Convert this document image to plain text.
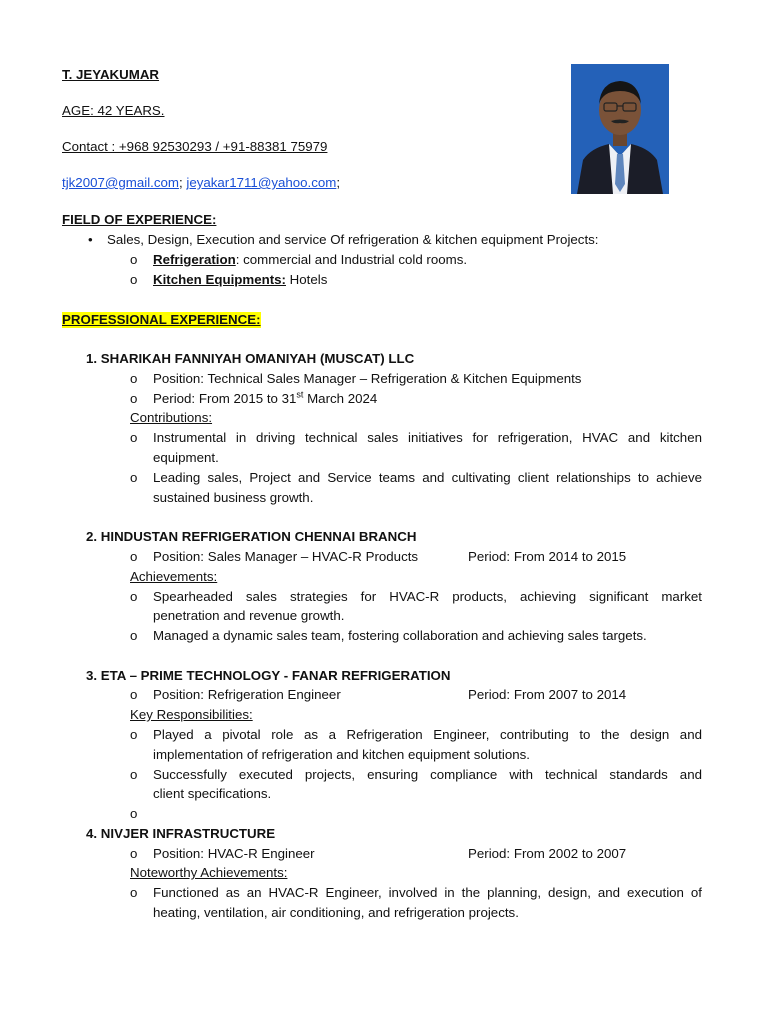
T. JEYAKUMAR
AGE: 42 YEARS.
Contact : +968 92530293 / +91-88381 75979
tjk2007@gmail.com; jeyakar1711@yahoo.com;
FIELD OF EXPERIENCE:
• Sales, Design, Execution and service Of refrigeration & kitchen equipment Projects:
o Refrigeration: commercial and Industrial cold rooms.
o Kitchen Equipments: Hotels
PROFESSIONAL EXPERIENCE:
1. SHARIKAH FANNIYAH OMANIYAH (MUSCAT) LLC
o Position: Technical Sales Manager – Refrigeration & Kitchen Equipments
o Period: From 2015 to 31st March 2024
Contributions:
o Instrumental in driving technical sales initiatives for refrigeration, HVAC and kitchen
equipment.
o Leading sales, Project and Service teams and cultivating client relationships to achieve
sustained business growth.
2. HINDUSTAN REFRIGERATION CHENNAI BRANCH
o Position: Sales Manager – HVAC-R Products	Period: From 2014 to 2015
Achievements:
o Spearheaded sales strategies for HVAC-R products, achieving significant market
penetration and revenue growth.
o Managed a dynamic sales team, fostering collaboration and achieving sales targets.
3. ETA – PRIME TECHNOLOGY - FANAR REFRIGERATION
o Position: Refrigeration Engineer	Period: From 2007 to 2014
Key Responsibilities:
o Played a pivotal role as a Refrigeration Engineer, contributing to the design and
implementation of refrigeration and kitchen equipment solutions.
o Successfully executed projects, ensuring compliance with technical standards and
client specifications.
o
4. NIVJER INFRASTRUCTURE
o Position: HVAC-R Engineer	Period: From 2002 to 2007
Noteworthy Achievements:
o Functioned as an HVAC-R Engineer, involved in the planning, design, and execution of
heating, ventilation, air conditioning, and refrigeration projects.
